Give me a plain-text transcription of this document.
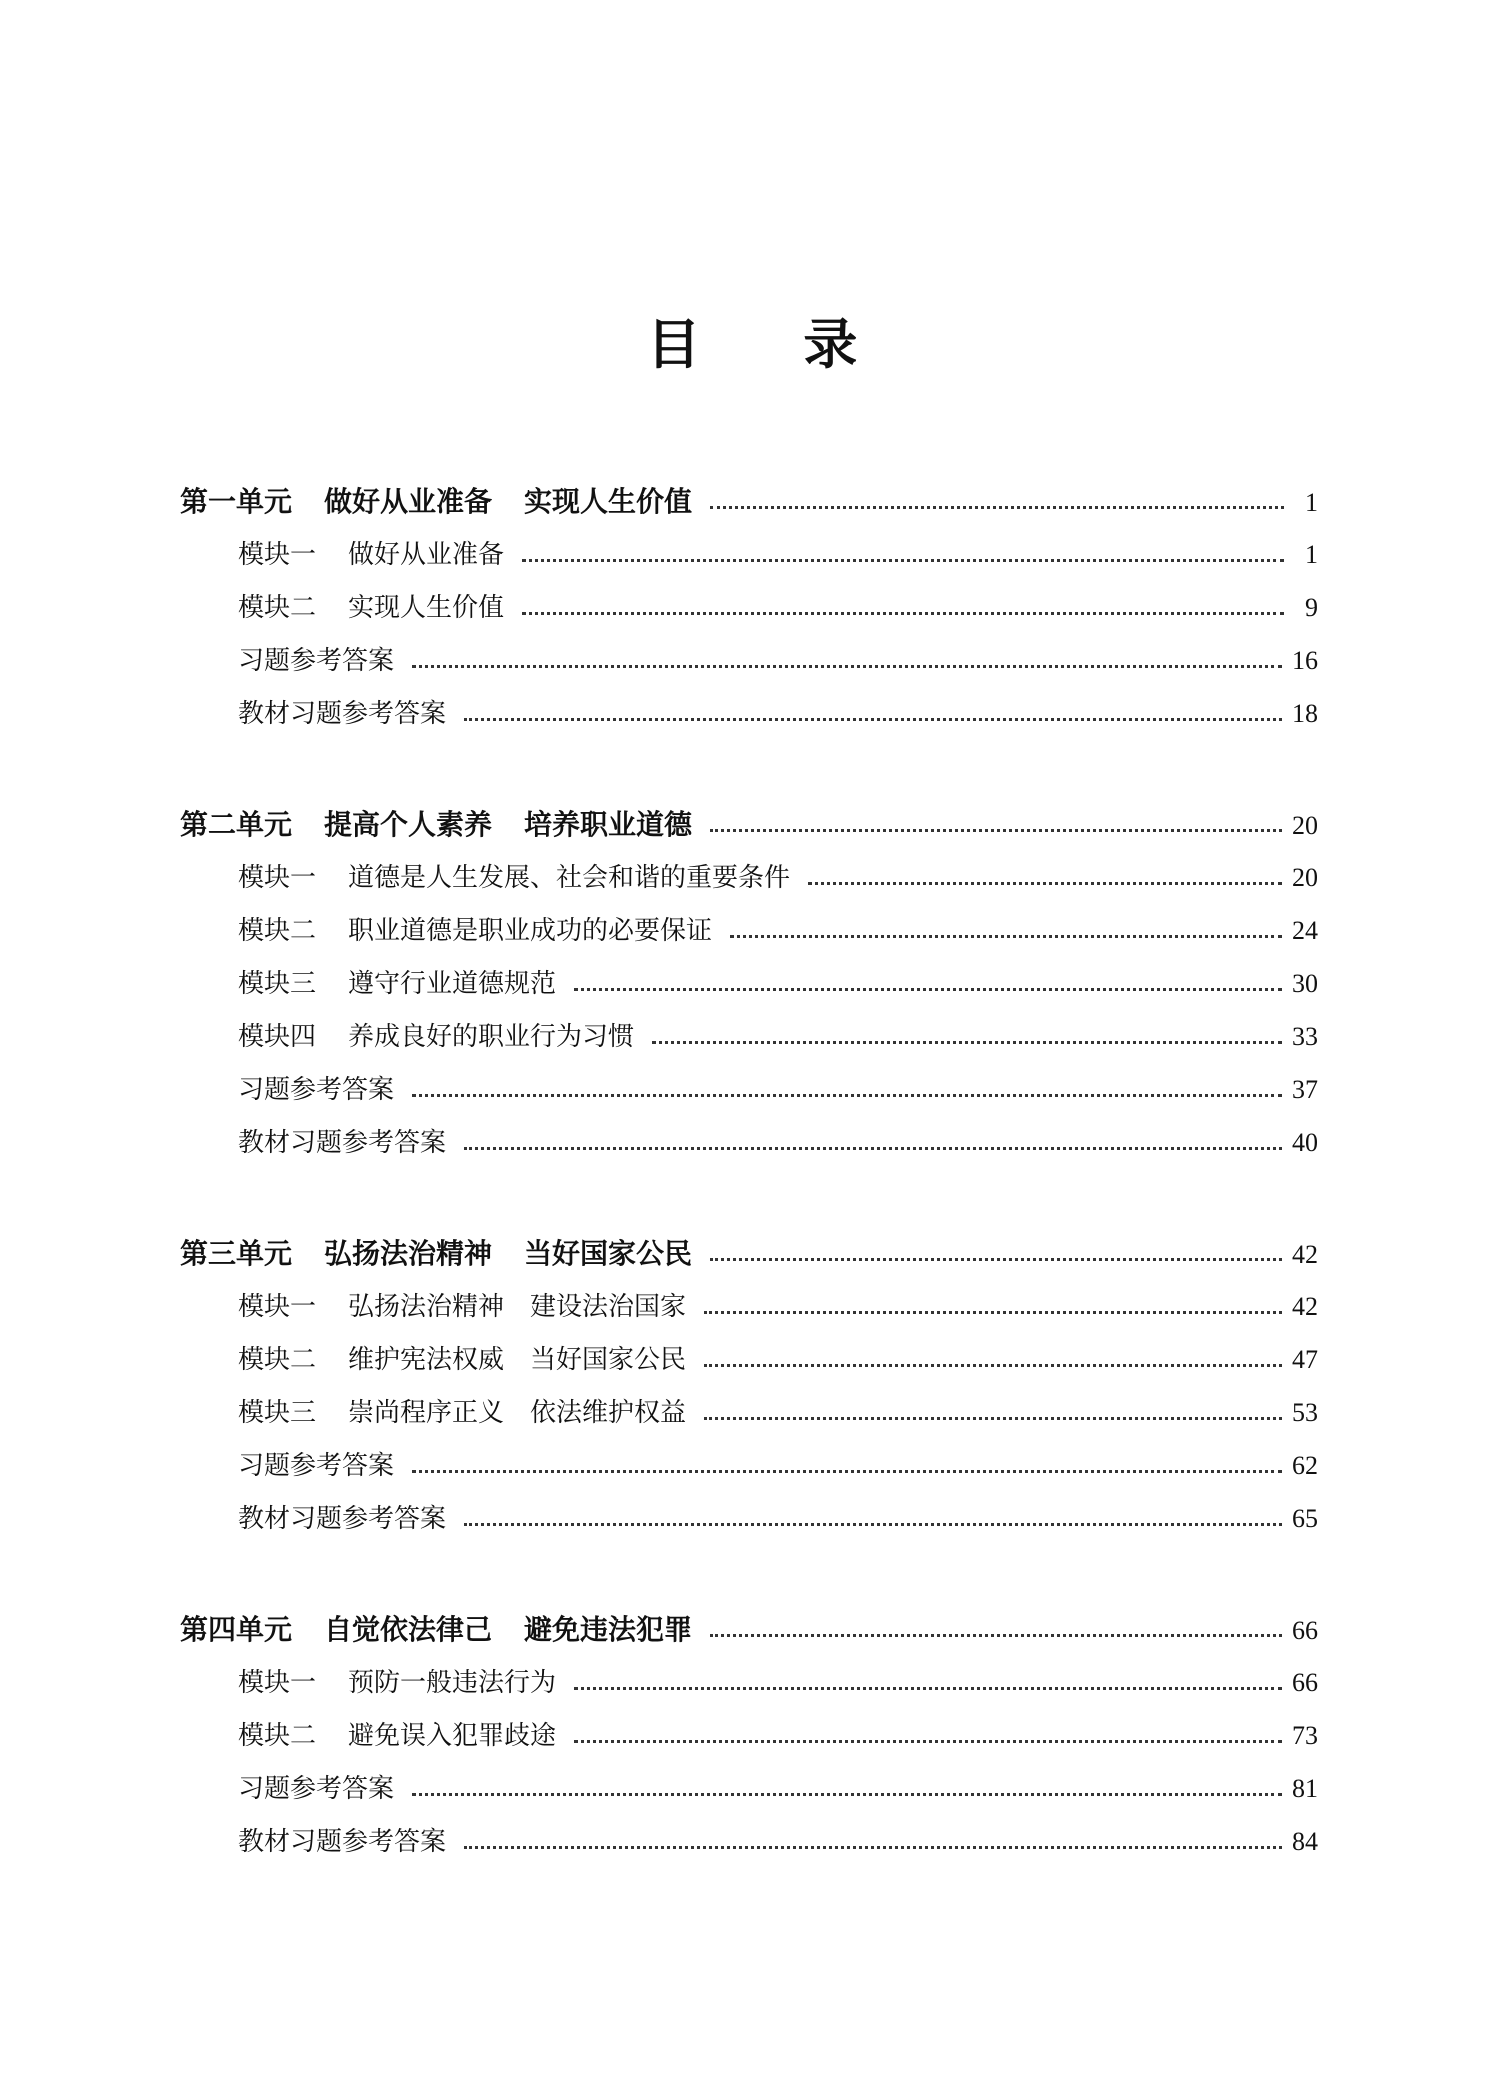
目 录
第一单元 做好从业准备 实现人生价值	1
模块一 做好从业准备	1
模块二 实现人生价值	9
习题参考答案	16
教材习题参考答案	18
第二单元 提高个人素养 培养职业道德	20
模块一 道德是人生发展、社会和谐的重要条件	20
模块二 职业道德是职业成功的必要保证	24
模块三 遵守行业道德规范	30
模块四 养成良好的职业行为习惯	33
习题参考答案	37
教材习题参考答案	40
第三单元 弘扬法治精神 当好国家公民	42
模块一 弘扬法治精神　建设法治国家	42
模块二 维护宪法权威　当好国家公民	47
模块三 崇尚程序正义　依法维护权益	53
习题参考答案	62
教材习题参考答案	65
第四单元 自觉依法律己 避免违法犯罪	66
模块一 预防一般违法行为	66
模块二 避免误入犯罪歧途	73
习题参考答案	81
教材习题参考答案	84
